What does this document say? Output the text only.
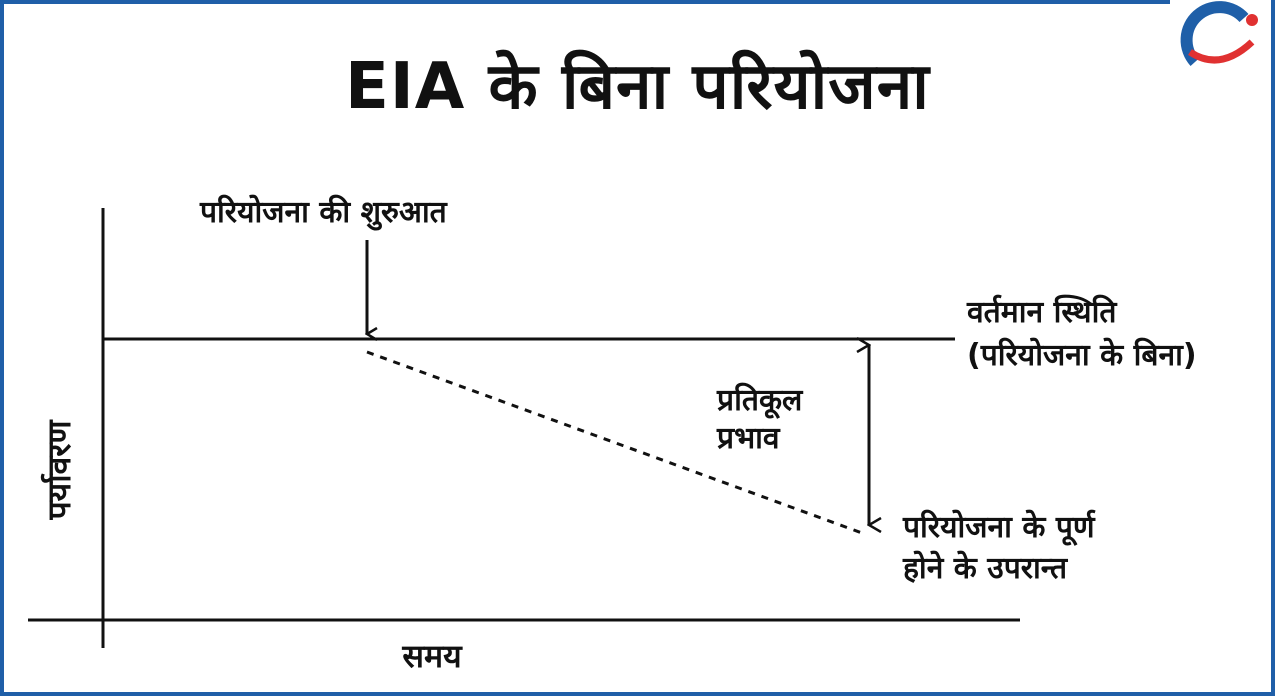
EIA के बिना परियोजना
परियोजना की शुरुआत
वर्तमान स्थिति
(परियोजना के बिना)
प्रतिकूल
प्रभाव
परियोजना के पूर्ण
होने के उपरान्त
पर्यावरण
समय
